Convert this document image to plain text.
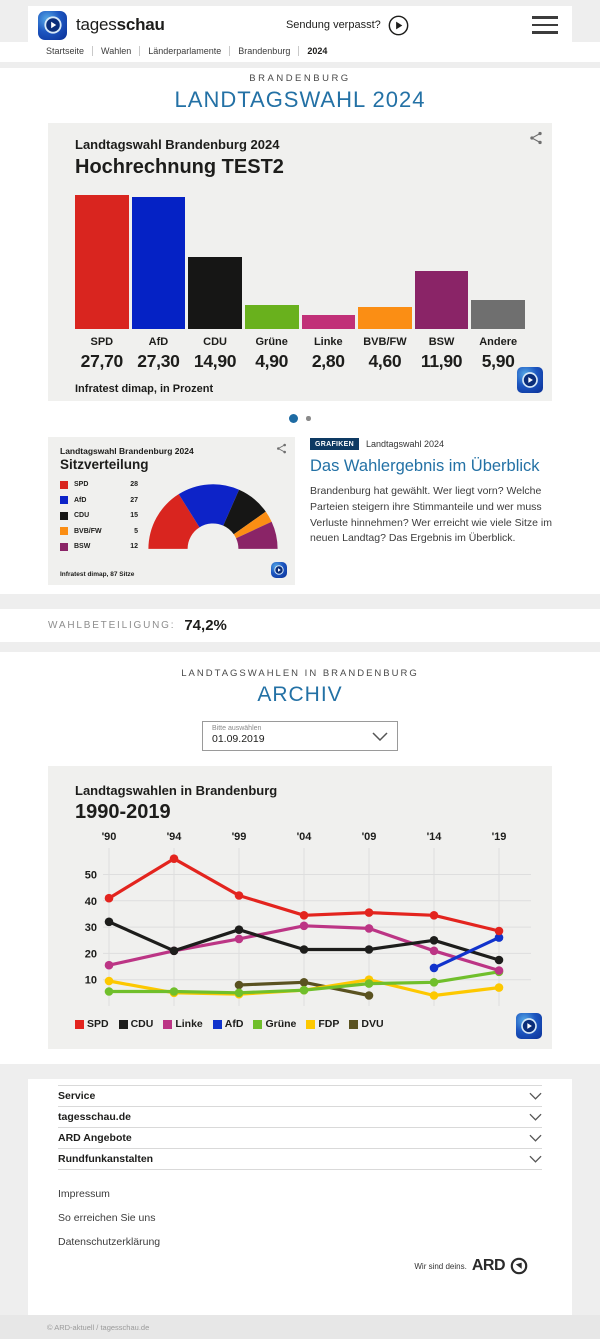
tagesschau	Sendung verpasst?
Startseite	Wahlen	Länderparlamente	Brandenburg	2024
BRANDENBURG
LANDTAGSWAHL 2024
Landtagswahl Brandenburg 2024
Hochrechnung TEST2
SPD
27,70
AfD
27,30
CDU
14,90
Grüne
4,90
Linke
2,80
BVB/FW
4,60
BSW
11,90
Andere
5,90
Infratest dimap, in Prozent
Landtagswahl Brandenburg 2024
Sitzverteilung
SPD	28
AfD	27
CDU	15
BVB/FW	5
BSW	12
Infratest dimap, 87 Sitze
GRAFIKEN	Landtagswahl 2024
Das Wahlergebnis im Überblick
Brandenburg hat gewählt. Wer liegt vorn? Welche Parteien steigern ihre Stimmanteile und wer muss Verluste hinnehmen? Wer erreicht wie viele Sitze im neuen Landtag? Das Ergebnis im Überblick.
WAHLBETEILIGUNG: 74,2%
LANDTAGSWAHLEN IN BRANDENBURG
ARCHIV
Bitte auswählen
01.09.2019
Landtagswahlen in Brandenburg
1990-2019
10
20
30
40
50
'90	'94	'99	'04	'09	'14	'19
SPD CDU Linke AfD Grüne FDP DVU
Service
tagesschau.de
ARD Angebote
Rundfunkanstalten
Impressum
So erreichen Sie uns
Datenschutzerklärung
Wir sind deins. ARD
© ARD-aktuell / tagesschau.de
